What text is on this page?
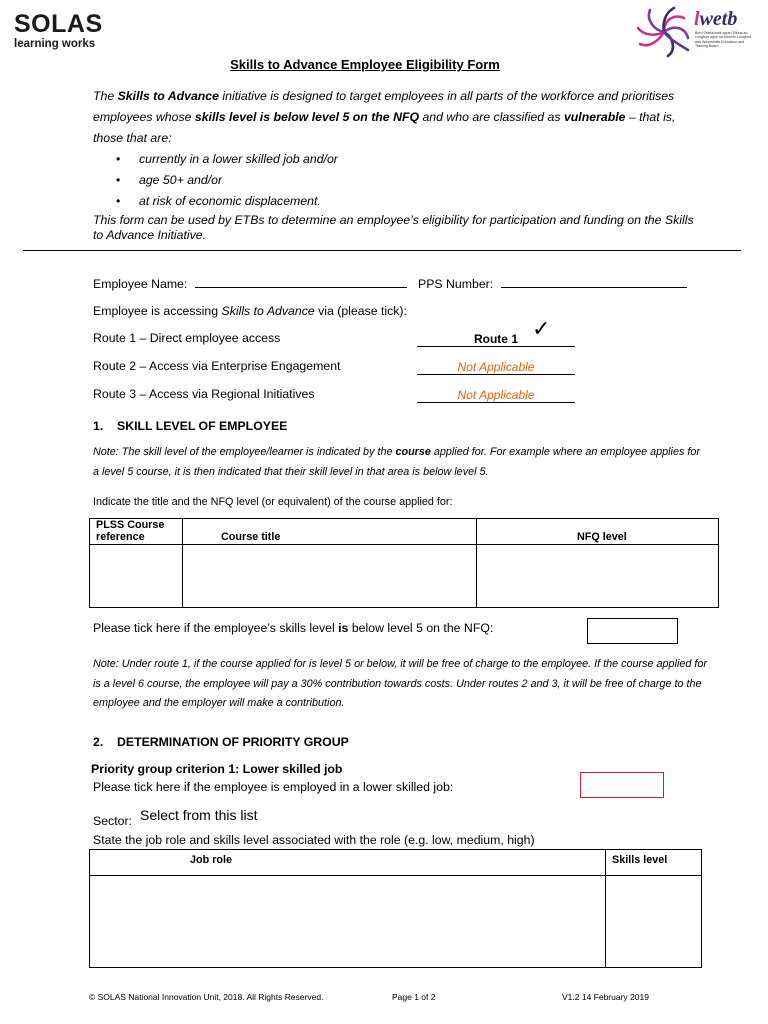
SOLAS
learning works
lwetb
Bord Oideachais agus Oiliúna an Longfoirt agus na hIarmhí Longford and Westmeath Education and Training Board
Skills to Advance Employee Eligibility Form

The Skills to Advance initiative is designed to target employees in all parts of the workforce and prioritises employees whose skills level is below level 5 on the NFQ and who are classified as vulnerable – that is, those that are:

• currently in a lower skilled job and/or
• age 50+ and/or
• at risk of economic displacement.

This form can be used by ETBs to determine an employee’s eligibility for participation and funding on the Skills to Advance Initiative.

Employee Name:	PPS Number:
Employee is accessing Skills to Advance via (please tick):
Route 1 – Direct employee access	Route 1 ✓
Route 2 – Access via Enterprise Engagement	Not Applicable
Route 3 – Access via Regional Initiatives	Not Applicable
1. SKILL LEVEL OF EMPLOYEE
Note: The skill level of the employee/learner is indicated by the course applied for. For example where an employee applies for a level 5 course, it is then indicated that their skill level in that area is below level 5.
Indicate the title and the NFQ level (or equivalent) of the course applied for:
PLSS Course reference	Course title	NFQ level

Please tick here if the employee’s skills level is below level 5 on the NFQ:
Note: Under route 1, if the course applied for is level 5 or below, it will be free of charge to the employee. If the course applied for is a level 6 course, the employee will pay a 30% contribution towards costs. Under routes 2 and 3, it will be free of charge to the employee and the employer will make a contribution.
2. DETERMINATION OF PRIORITY GROUP
Priority group criterion 1: Lower skilled job
Please tick here if the employee is employed in a lower skilled job:
Sector: Select from this list
State the job role and skills level associated with the role (e.g. low, medium, high)
Job role	Skills level

© SOLAS National Innovation Unit, 2018. All Rights Reserved.	Page 1 of 2	V1.2 14 February 2019
